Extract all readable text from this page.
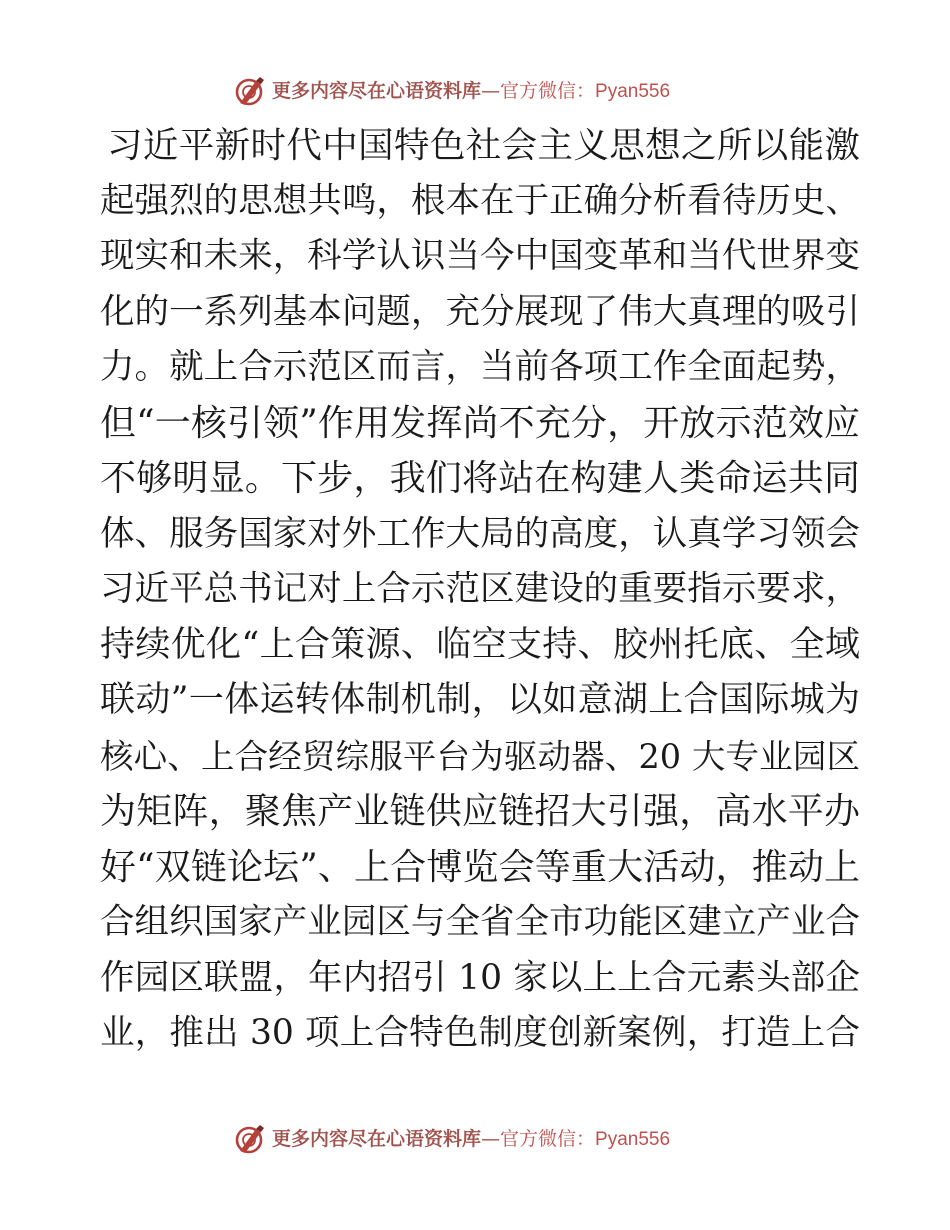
更多内容尽在心语资料库—官方微信：Pyan556
习近平新时代中国特色社会主义思想之所以能激
起强烈的思想共鸣，根本在于正确分析看待历史、
现实和未来，科学认识当今中国变革和当代世界变
化的一系列基本问题，充分展现了伟大真理的吸引
力。就上合示范区而言，当前各项工作全面起势，
但“一核引领”作用发挥尚不充分，开放示范效应
不够明显。下步，我们将站在构建人类命运共同
体、服务国家对外工作大局的高度，认真学习领会
习近平总书记对上合示范区建设的重要指示要求，
持续优化“上合策源、临空支持、胶州托底、全域
联动”一体运转体制机制，以如意湖上合国际城为
核心、上合经贸综服平台为驱动器、20 大专业园区
为矩阵，聚焦产业链供应链招大引强，高水平办
好“双链论坛”、上合博览会等重大活动，推动上
合组织国家产业园区与全省全市功能区建立产业合
作园区联盟，年内招引 10 家以上上合元素头部企
业，推出 30 项上合特色制度创新案例，打造上合
更多内容尽在心语资料库—官方微信：Pyan556
